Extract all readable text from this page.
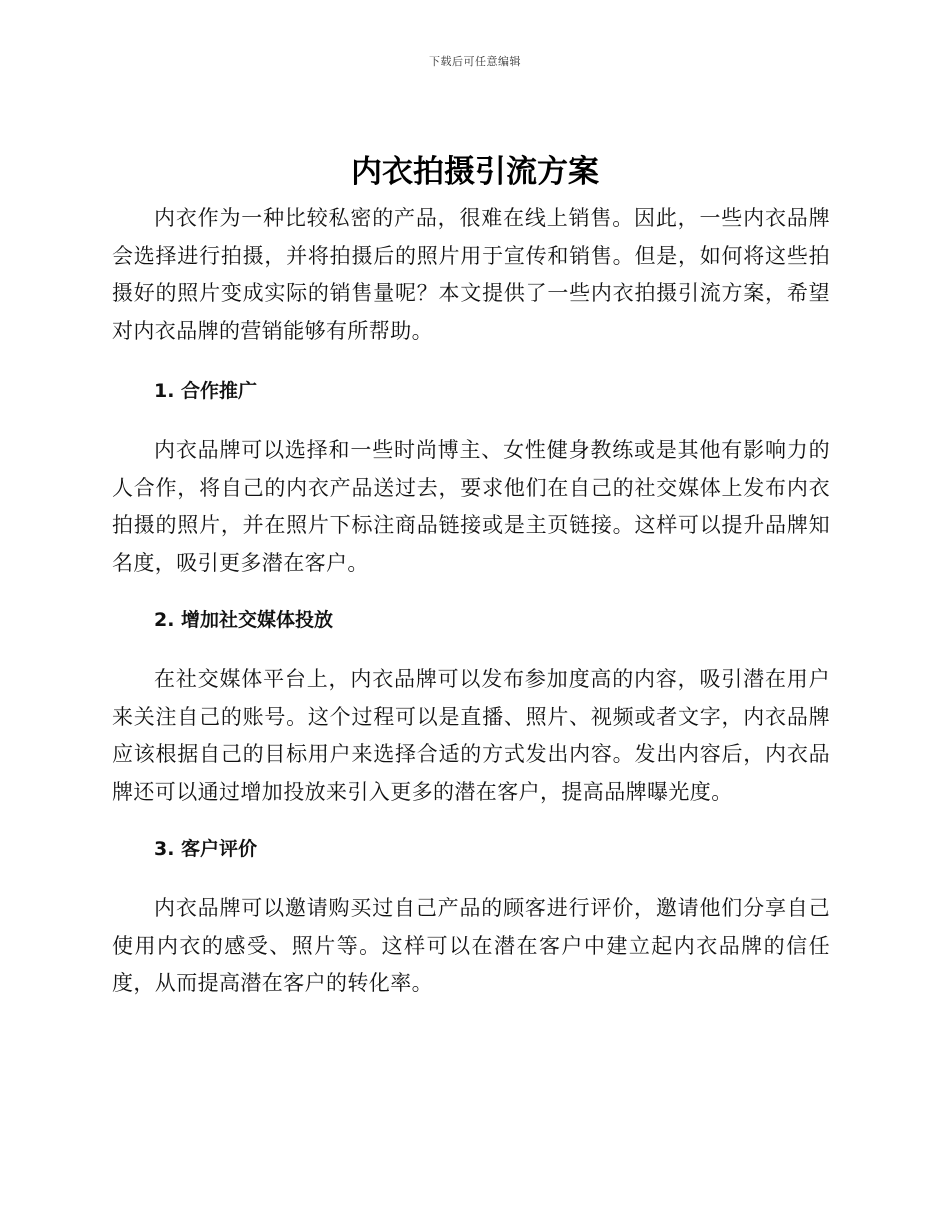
下载后可任意编辑
内衣拍摄引流方案

内衣作为一种比较私密的产品，很难在线上销售。因此，一些内衣品牌会选择进行拍摄，并将拍摄后的照片用于宣传和销售。但是，如何将这些拍摄好的照片变成实际的销售量呢？本文提供了一些内衣拍摄引流方案，希望对内衣品牌的营销能够有所帮助。

1. 合作推广

内衣品牌可以选择和一些时尚博主、女性健身教练或是其他有影响力的人合作，将自己的内衣产品送过去，要求他们在自己的社交媒体上发布内衣拍摄的照片，并在照片下标注商品链接或是主页链接。这样可以提升品牌知名度，吸引更多潜在客户。

2. 增加社交媒体投放

在社交媒体平台上，内衣品牌可以发布参加度高的内容，吸引潜在用户来关注自己的账号。这个过程可以是直播、照片、视频或者文字，内衣品牌应该根据自己的目标用户来选择合适的方式发出内容。发出内容后，内衣品牌还可以通过增加投放来引入更多的潜在客户，提高品牌曝光度。

3. 客户评价

内衣品牌可以邀请购买过自己产品的顾客进行评价，邀请他们分享自己使用内衣的感受、照片等。这样可以在潜在客户中建立起内衣品牌的信任度，从而提高潜在客户的转化率。
